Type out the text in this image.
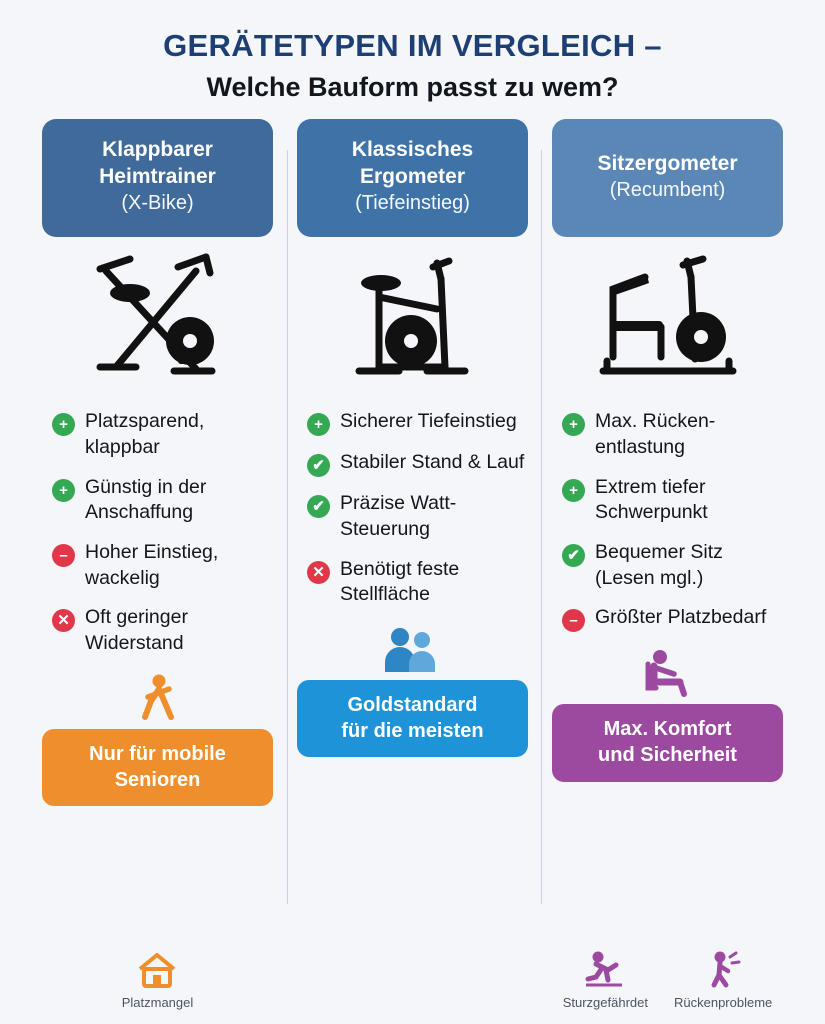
GERÄTETYPEN IM VERGLEICH –
Welche Bauform passt zu wem?
Klappbarer
Heimtrainer
(X-Bike)
+ Platzsparend, klappbar
+ Günstig in der Anschaffung
– Hoher Einstieg, wackelig
✕ Oft geringer Widerstand
Nur für mobile
Senioren
Klassisches
Ergometer
(Tiefeinstieg)
+ Sicherer Tiefeinstieg
✔ Stabiler Stand & Lauf
✔ Präzise Watt-Steuerung
✕ Benötigt feste Stellfläche
Goldstandard
für die meisten
Sitzergometer
(Recumbent)
+ Max. Rücken-entlastung
+ Extrem tiefer Schwerpunkt
✔ Bequemer Sitz (Lesen mgl.)
– Größter Platzbedarf
Max. Komfort
und Sicherheit
Platzmangel	Sturzgefährdet Rückenprobleme
